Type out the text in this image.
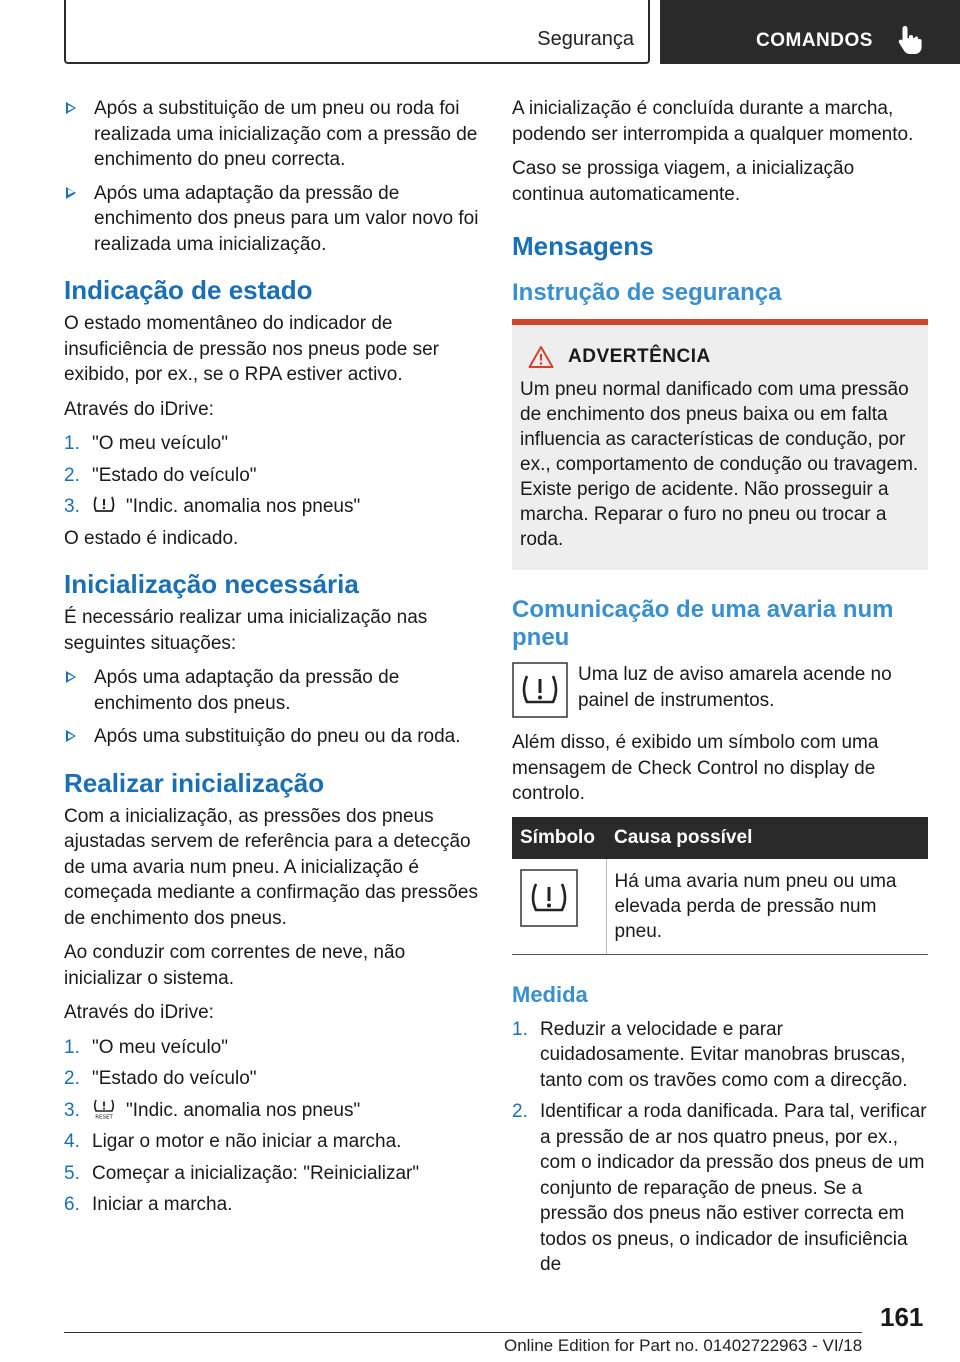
Segurança	COMANDOS
Após a substituição de um pneu ou roda foi realizada uma inicialização com a pressão de enchimento do pneu correcta.
Após uma adaptação da pressão de enchimento dos pneus para um valor novo foi realizada uma inicialização.
Indicação de estado

O estado momentâneo do indicador de insuficiência de pressão nos pneus pode ser exibido, por ex., se o RPA estiver activo.

Através do iDrive:

1. "O meu veículo"
2. "Estado do veículo"
3. "Indic. anomalia nos pneus"

O estado é indicado.

Inicialização necessária

É necessário realizar uma inicialização nas seguintes situações:

Após uma adaptação da pressão de enchimento dos pneus.
Após uma substituição do pneu ou da roda.
Realizar inicialização

Com a inicialização, as pressões dos pneus ajustadas servem de referência para a detecção de uma avaria num pneu. A inicialização é começada mediante a confirmação das pressões de enchimento dos pneus.

Ao conduzir com correntes de neve, não inicializar o sistema.

Através do iDrive:

1. "O meu veículo"
2. "Estado do veículo"
3.	RESET "Indic. anomalia nos pneus"
4. Ligar o motor e não iniciar a marcha.
5. Começar a inicialização: "Reinicializar"
6. Iniciar a marcha.

A inicialização é concluída durante a marcha, podendo ser interrompida a qualquer momento.

Caso se prossiga viagem, a inicialização continua automaticamente.

Mensagens
Instrução de segurança
ADVERTÊNCIA

Um pneu normal danificado com uma pressão de enchimento dos pneus baixa ou em falta influencia as características de condução, por ex., comportamento de condução ou travagem. Existe perigo de acidente. Não prosseguir a marcha. Reparar o furo no pneu ou trocar a roda.

Comunicação de uma avaria num pneu

Uma luz de aviso amarela acende no painel de instrumentos.

Além disso, é exibido um símbolo com uma mensagem de Check Control no display de controlo.

Símbolo	Causa possível
	Há uma avaria num pneu ou uma elevada perda de pressão num pneu.
Medida
1. Reduzir a velocidade e parar cuidadosamente. Evitar manobras bruscas, tanto com os travões como com a direcção.
2. Identificar a roda danificada. Para tal, verificar a pressão de ar nos quatro pneus, por ex., com o indicador da pressão dos pneus de um conjunto de reparação de pneus. Se a pressão dos pneus não estiver correcta em todos os pneus, o indicador de insuficiência de
161
Online Edition for Part no. 01402722963 - VI/18
